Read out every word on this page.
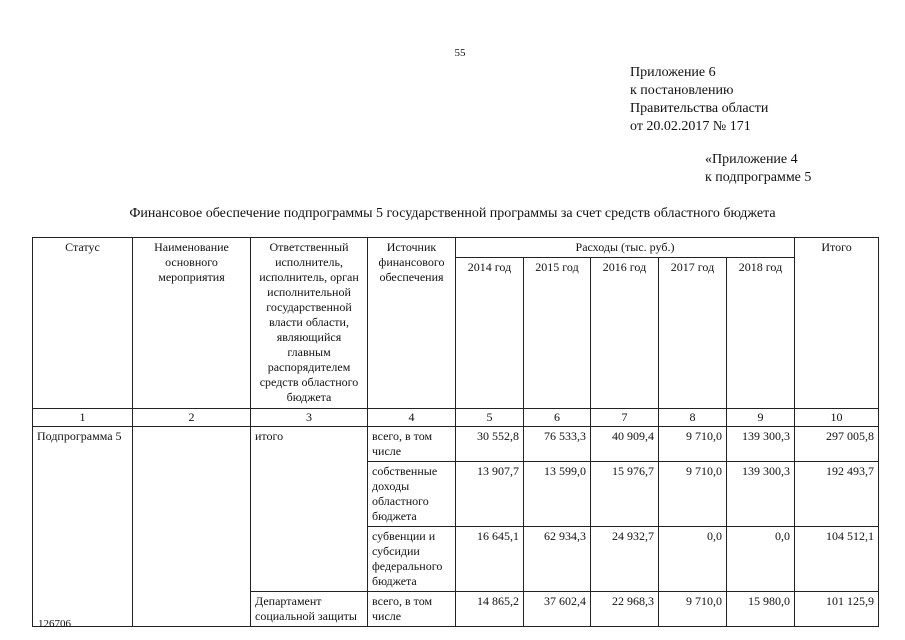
55
Приложение 6
к постановлению
Правительства области
от 20.02.2017 № 171
«Приложение 4
к подпрограмме 5
Финансовое обеспечение подпрограммы 5 государственной программы за счет средств областного бюджета
Статус	Наименование основного мероприятия	Ответственный исполнитель, исполнитель, орган исполнительной государственной власти области, являющийся главным распорядителем средств областного бюджета	Источник финансового обеспечения	Расходы (тыс. руб.)					Итого
				2014 год	2015 год	2016 год	2017 год	2018 год	
1	2	3	4	5	6	7	8	9	10
Подпрограмма 5		итого	всего, в том числе	30 552,8	76 533,3	40 909,4	9 710,0	139 300,3	297 005,8
			собственные доходы областного бюджета	13 907,7	13 599,0	15 976,7	9 710,0	139 300,3	192 493,7
			субвенции и субсидии федерального бюджета	16 645,1	62 934,3	24 932,7	0,0	0,0	104 512,1
		Департамент социальной защиты	всего, в том числе	14 865,2	37 602,4	22 968,3	9 710,0	15 980,0	101 125,9
126706
